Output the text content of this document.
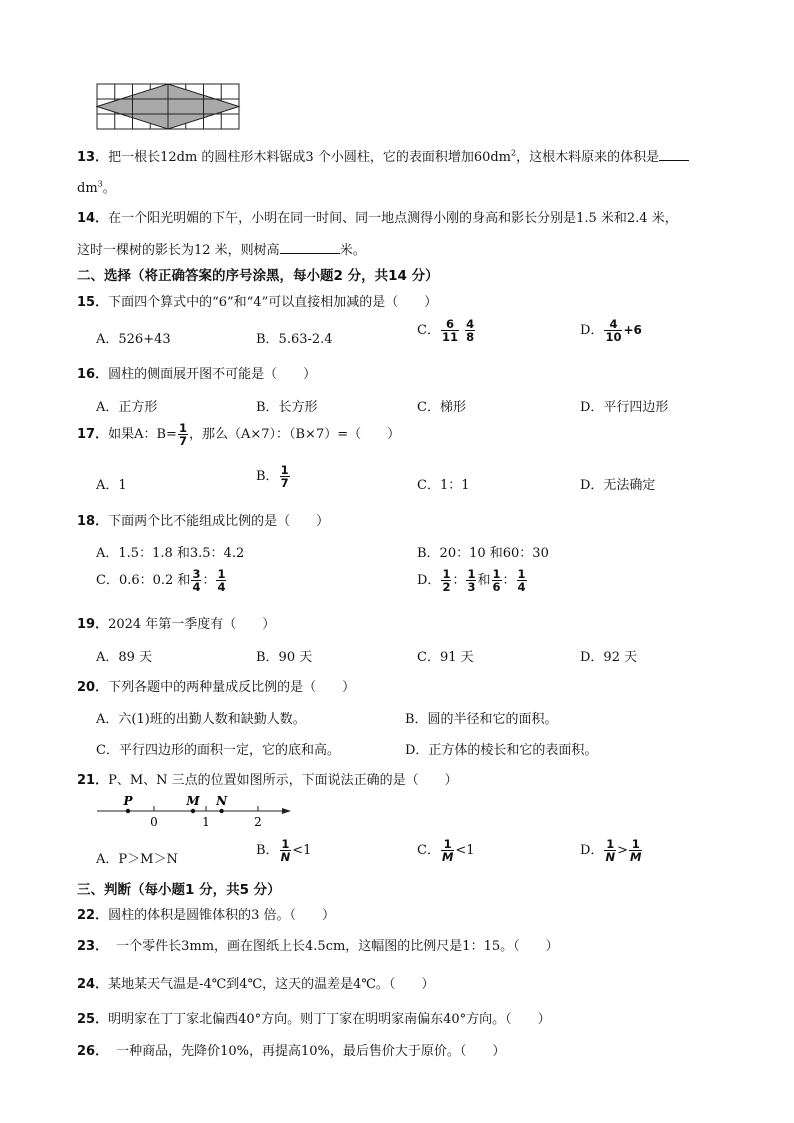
13．把一根长12dm 的圆柱形木料锯成3 个小圆柱，它的表面积增加$60dm^2$，这根木料原来的体积是
$dm^3$。
14．在一个阳光明媚的下午，小明在同一时间、同一地点测得小刚的身高和影长分别是1.5 米和2.4 米，
这时一棵树的影长为12 米，则树高	米。
二、选择（将正确答案的序号涂黑，每小题2 分，共14 分）
15．下面四个算式中的“6”和“4”可以直接相加减的是（　　）
A．526+43	B．5.63-2.4
C． $\frac{6}{11}$
$\frac{4}{8}$	D． $\frac{4}{10} +6$
16．圆柱的侧面展开图不可能是（　　）
A．正方形	B．长方形	C．梯形	D．平行四边形
17．如果A：$B= \frac{1}{7}$ ，那么（A×7）：（B×7）=（　　）
A．1
B． $\frac{1}{7}$	C．1：1	D．无法确定
18．下面两个比不能组成比例的是（　　）
A．1.5：1.8 和3.5：4.2	B．20：10 和60：30
C．0.6：0.2 和 $\frac{3}{4}$ ： $\frac{1}{4}$	D． $\frac{1}{2}$ ： $\frac{1}{3}$ 和 $\frac{1}{6}$ ： $\frac{1}{4}$
19．2024 年第一季度有（　　）
A．89 天	B．90 天	C．91 天	D．92 天
20．下列各题中的两种量成反比例的是（　　）
A．六(1)班的出勤人数和缺勤人数。	B．圆的半径和它的面积。
C．平行四边形的面积一定，它的底和高。	D．正方体的棱长和它的表面积。
21．P、M、N 三点的位置如图所示，下面说法正确的是（　　）
0	1	2
P	M N
A．P＞M＞N
B． $\frac{1}{N} <1$	C． $\frac{1}{M} <1$	D． $\frac{1}{N} > \frac{1}{M}$
三、判断（每小题1 分，共5 分）
22．圆柱的体积是圆锥体积的3 倍。（　　）
23． 一个零件长3mm，画在图纸上长4.5cm，这幅图的比例尺是1：15。（　　）
24．某地某天气温是-4℃到4℃，这天的温差是4℃。（　　）
25．明明家在丁丁家北偏西40°方向。则丁丁家在明明家南偏东40°方向。（　　）
26． 一种商品，先降价10%，再提高10%，最后售价大于原价。（　　）
